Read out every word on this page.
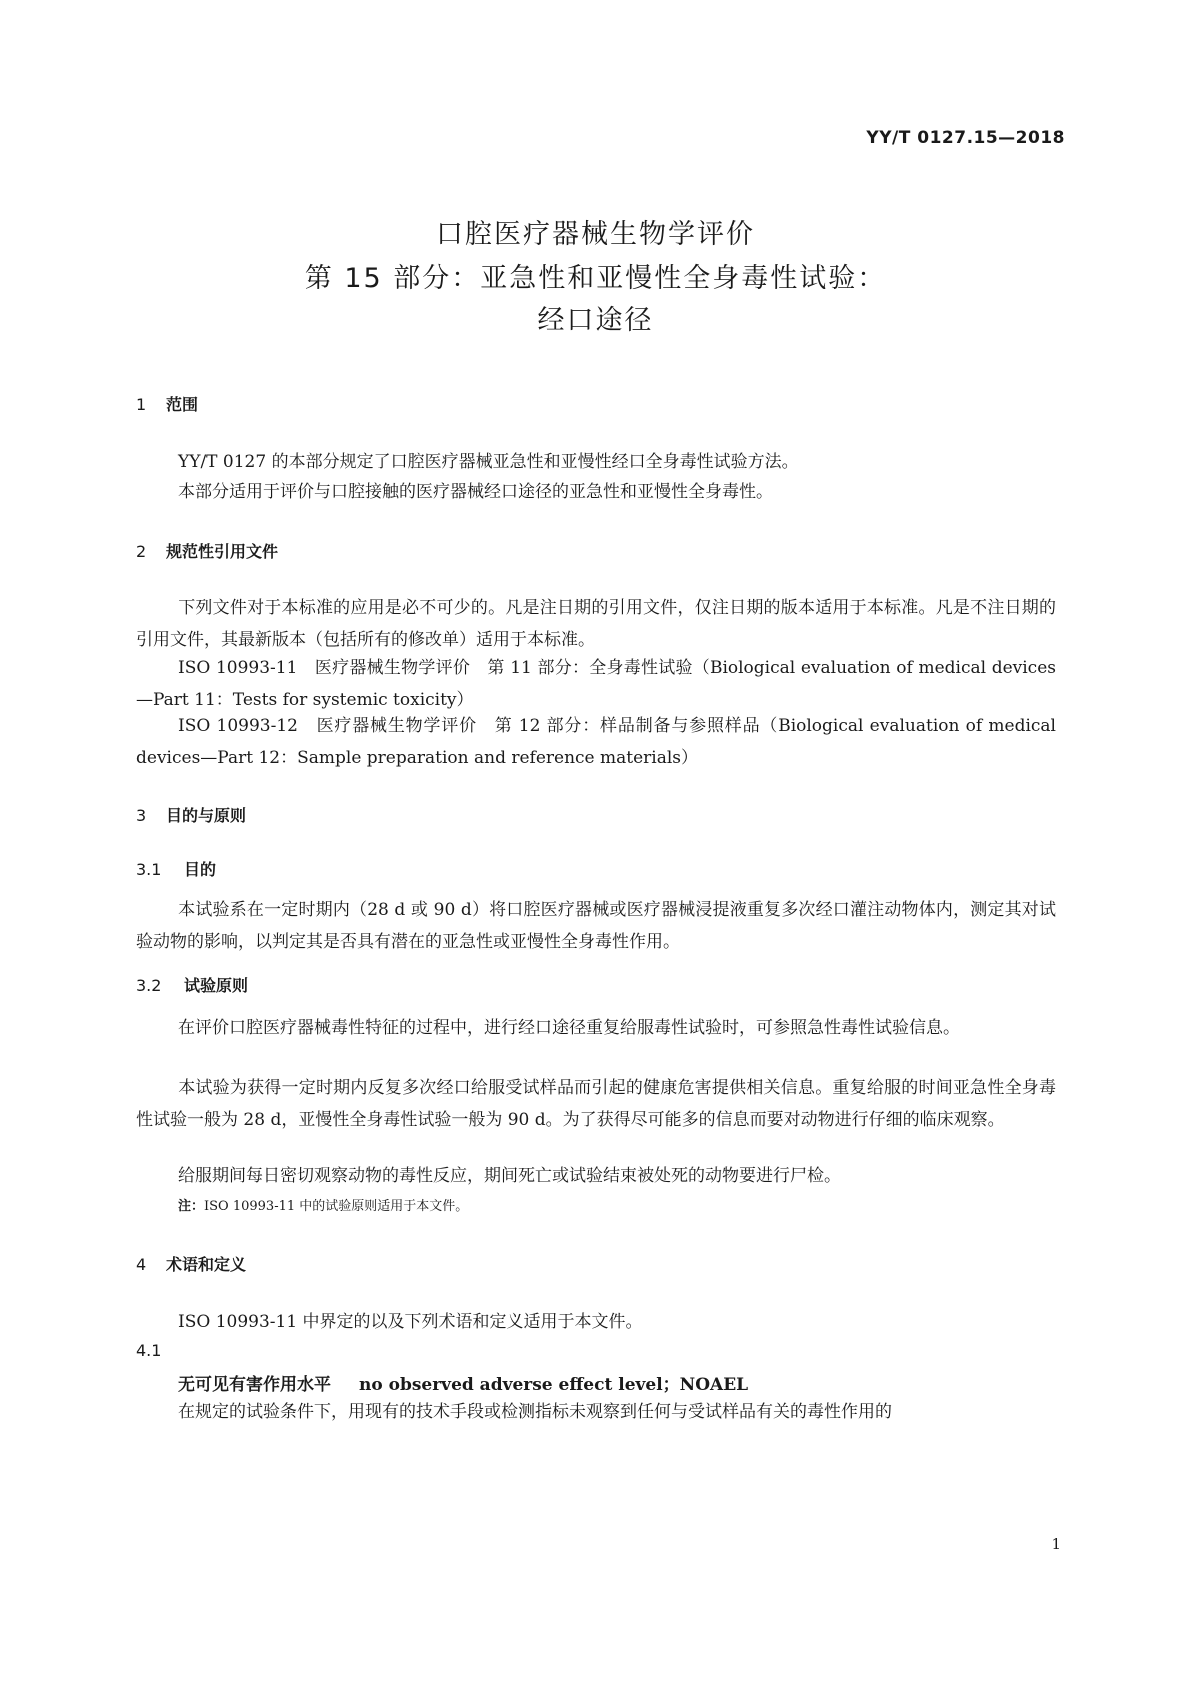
YY/T 0127.15—2018
口腔医疗器械生物学评价
第 15 部分：亚急性和亚慢性全身毒性试验：
经口途径
1 范围
YY/T 0127 的本部分规定了口腔医疗器械亚急性和亚慢性经口全身毒性试验方法。
本部分适用于评价与口腔接触的医疗器械经口途径的亚急性和亚慢性全身毒性。
2 规范性引用文件
下列文件对于本标准的应用是必不可少的。凡是注日期的引用文件，仅注日期的版本适用于本标准。凡是不注日期的引用文件，其最新版本（包括所有的修改单）适用于本标准。
ISO 10993-11　医疗器械生物学评价　第 11 部分：全身毒性试验（Biological evaluation of medical devices—Part 11：Tests for systemic toxicity）
ISO 10993-12　医疗器械生物学评价　第 12 部分：样品制备与参照样品（Biological evaluation of medical devices—Part 12：Sample preparation and reference materials）
3 目的与原则
3.1 目的
本试验系在一定时期内（28 d 或 90 d）将口腔医疗器械或医疗器械浸提液重复多次经口灌注动物体内，测定其对试验动物的影响，以判定其是否具有潜在的亚急性或亚慢性全身毒性作用。
3.2 试验原则
在评价口腔医疗器械毒性特征的过程中，进行经口途径重复给服毒性试验时，可参照急性毒性试验信息。
本试验为获得一定时期内反复多次经口给服受试样品而引起的健康危害提供相关信息。重复给服的时间亚急性全身毒性试验一般为 28 d，亚慢性全身毒性试验一般为 90 d。为了获得尽可能多的信息而要对动物进行仔细的临床观察。
给服期间每日密切观察动物的毒性反应，期间死亡或试验结束被处死的动物要进行尸检。
注：ISO 10993-11 中的试验原则适用于本文件。
4 术语和定义
ISO 10993-11 中界定的以及下列术语和定义适用于本文件。
4.1
无可见有害作用水平 no observed adverse effect level；NOAEL
在规定的试验条件下，用现有的技术手段或检测指标未观察到任何与受试样品有关的毒性作用的
1
